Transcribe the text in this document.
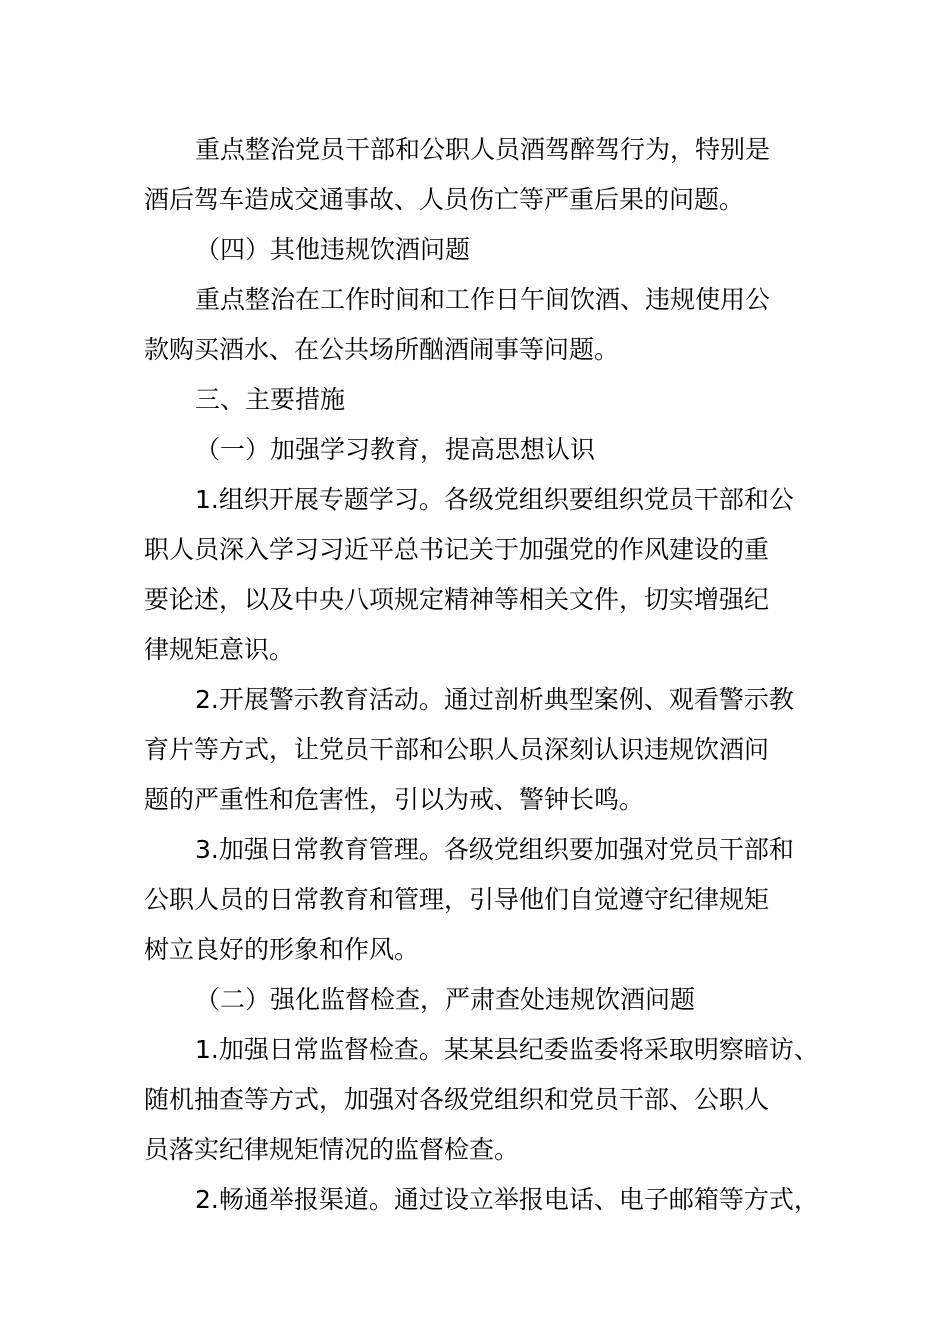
重点整治党员干部和公职人员酒驾醉驾行为，特别是

酒后驾车造成交通事故、人员伤亡等严重后果的问题。

（四）其他违规饮酒问题

重点整治在工作时间和工作日午间饮酒、违规使用公

款购买酒水、在公共场所酗酒闹事等问题。

三、主要措施

（一）加强学习教育，提高思想认识

1.组织开展专题学习。各级党组织要组织党员干部和公

职人员深入学习习近平总书记关于加强党的作风建设的重

要论述，以及中央八项规定精神等相关文件，切实增强纪

律规矩意识。

2.开展警示教育活动。通过剖析典型案例、观看警示教

育片等方式，让党员干部和公职人员深刻认识违规饮酒问

题的严重性和危害性，引以为戒、警钟长鸣。

3.加强日常教育管理。各级党组织要加强对党员干部和

公职人员的日常教育和管理，引导他们自觉遵守纪律规矩

树立良好的形象和作风。

（二）强化监督检查，严肃查处违规饮酒问题

1.加强日常监督检查。某某县纪委监委将采取明察暗访、

随机抽查等方式，加强对各级党组织和党员干部、公职人

员落实纪律规矩情况的监督检查。

2.畅通举报渠道。通过设立举报电话、电子邮箱等方式，
